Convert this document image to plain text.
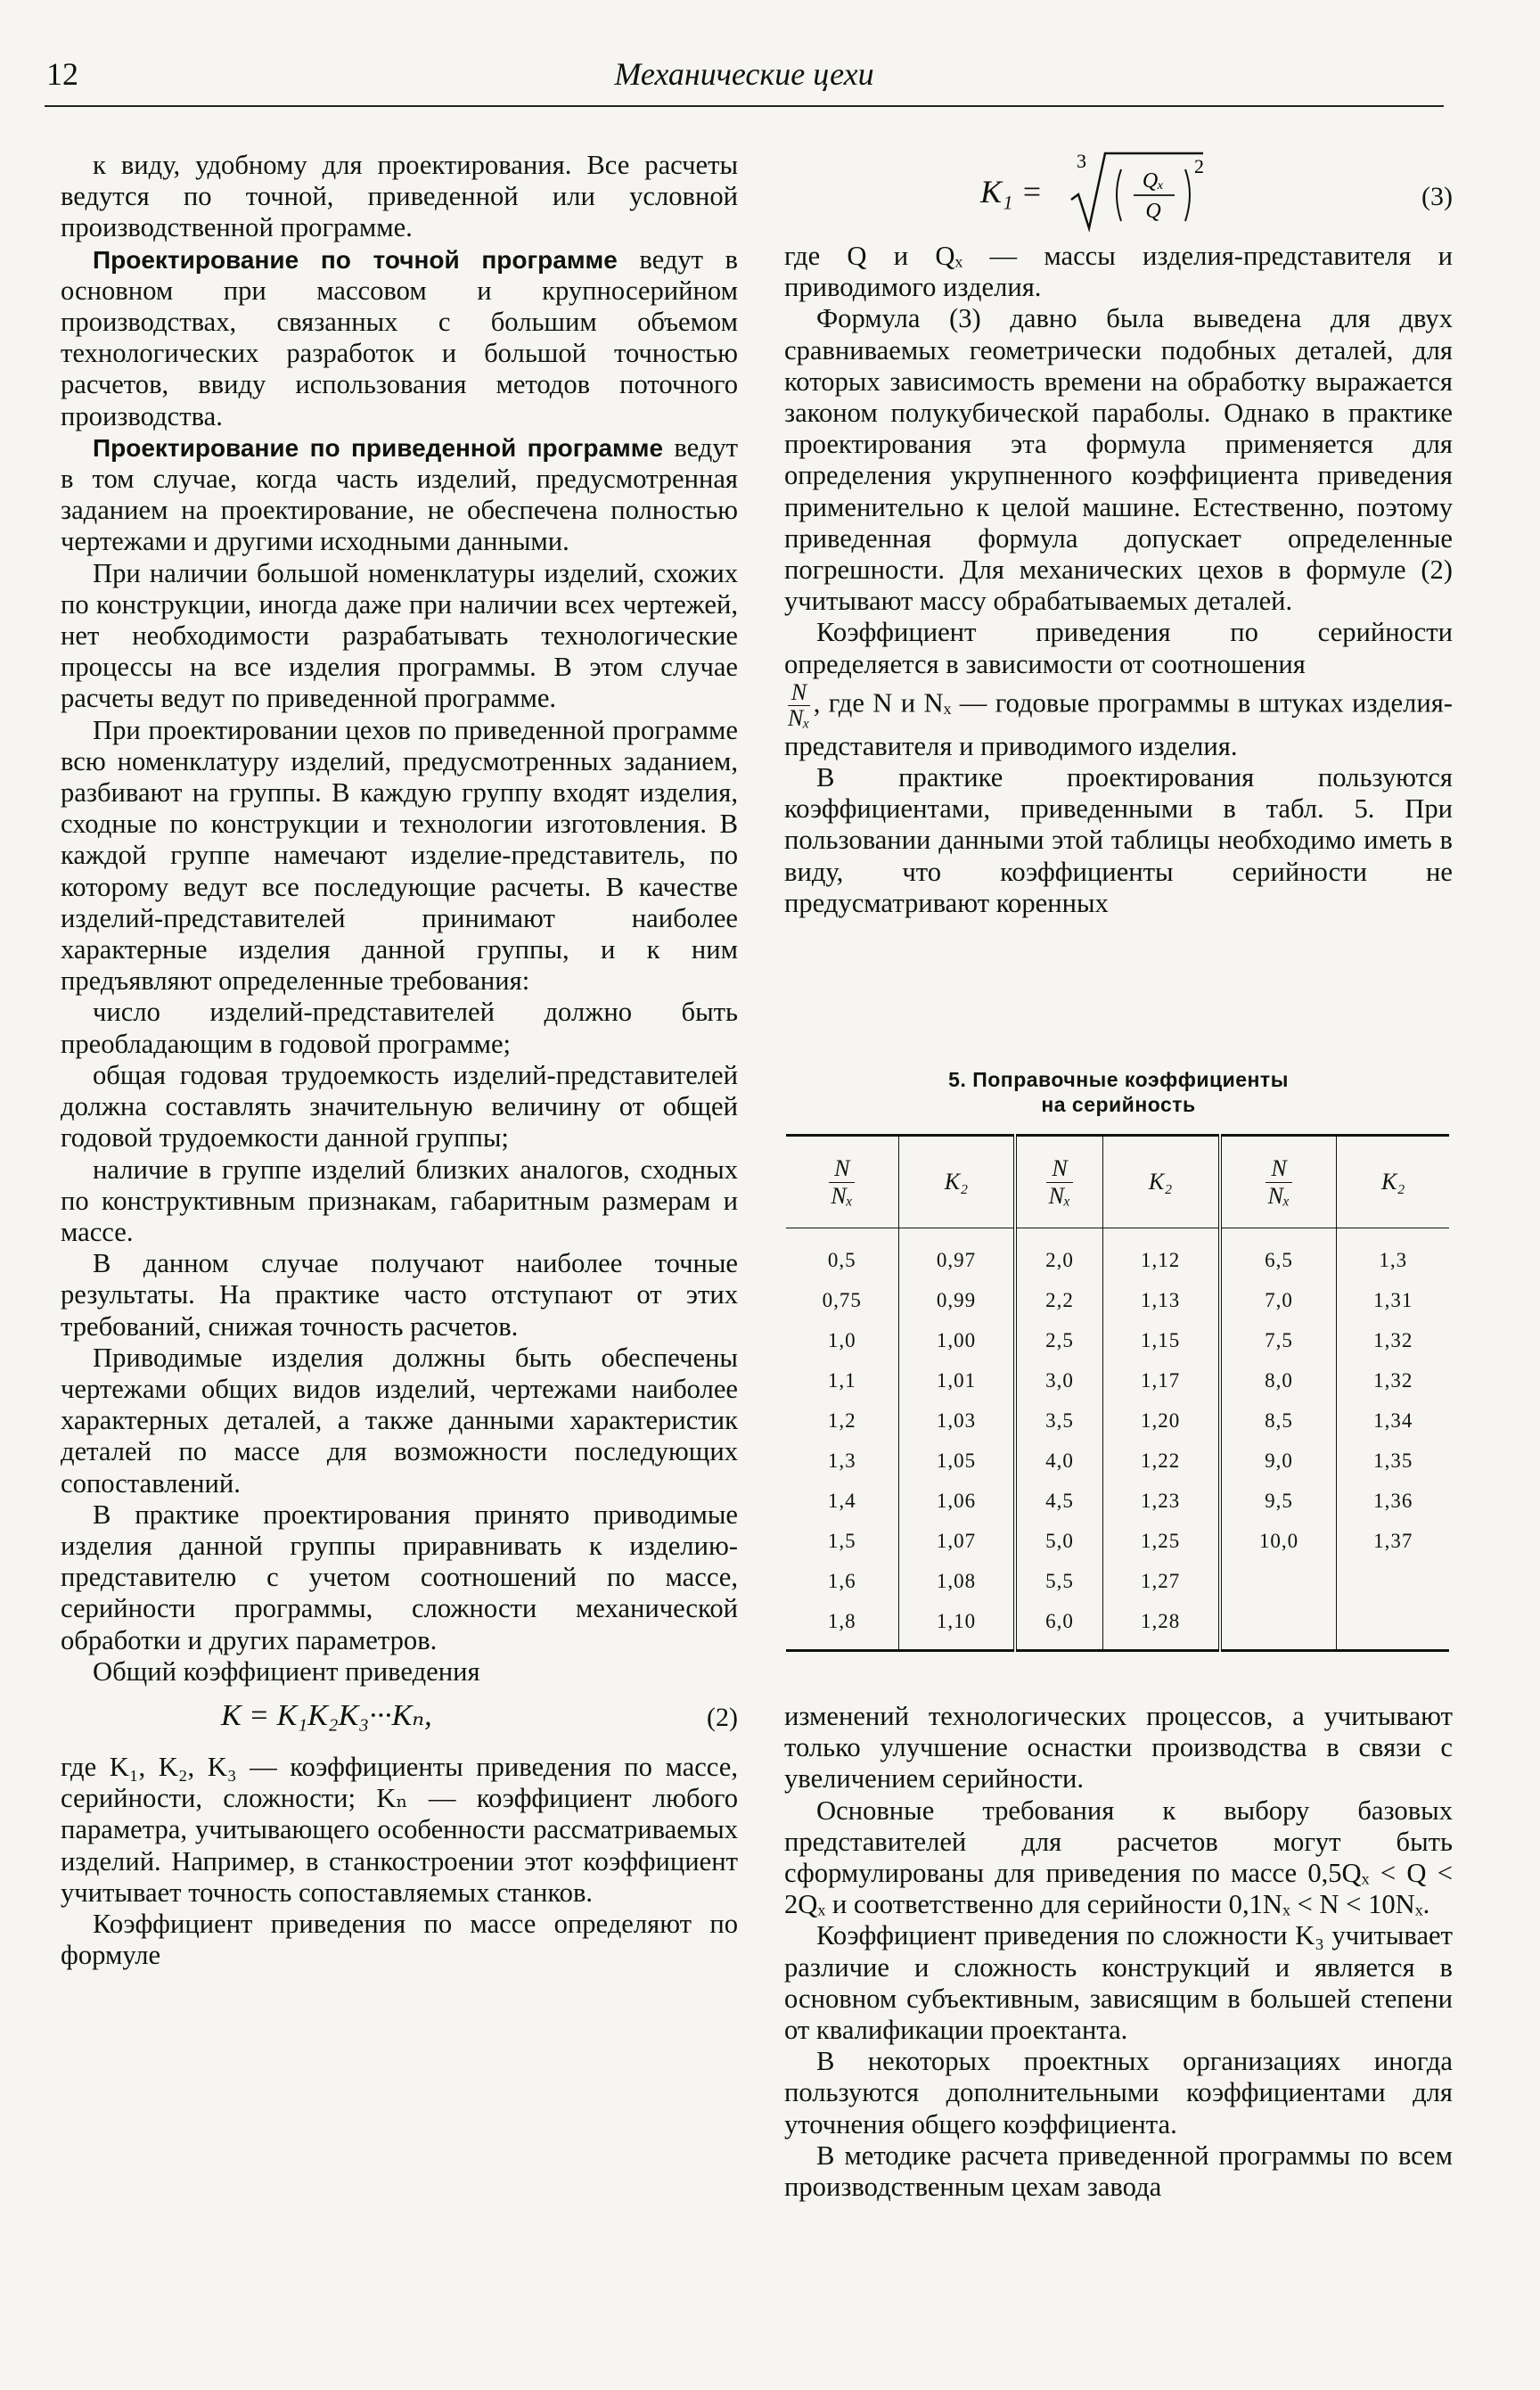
12	Механические цехи

к виду, удобному для проектирования. Все расчеты ведутся по точной, приведенной или условной производственной программе.

Проектирование по точной программе ведут в основном при массовом и крупносерийном производствах, связанных с большим объемом технологических разработок и большой точностью расчетов, ввиду использования методов поточного производства.

Проектирование по приведенной программе ведут в том случае, когда часть изделий, предусмотренная заданием на проектирование, не обеспечена полностью чертежами и другими исходными данными.

При наличии большой номенклатуры изделий, схожих по конструкции, иногда даже при наличии всех чертежей, нет необходимости разрабатывать технологические процессы на все изделия программы. В этом случае расчеты ведут по приведенной программе.

При проектировании цехов по приведенной программе всю номенклатуру изделий, предусмотренных заданием, разбивают на группы. В каждую группу входят изделия, сходные по конструкции и технологии изготовления. В каждой группе намечают изделие-представитель, по которому ведут все последующие расчеты. В качестве изделий-представителей принимают наиболее характерные изделия данной группы, и к ним предъявляют определенные требования:

число изделий-представителей должно быть преобладающим в годовой программе;

общая годовая трудоемкость изделий-представителей должна составлять значительную величину от общей годовой трудоемкости данной группы;

наличие в группе изделий близких аналогов, сходных по конструктивным признакам, габаритным размерам и массе.

В данном случае получают наиболее точные результаты. На практике часто отступают от этих требований, снижая точность расчетов.

Приводимые изделия должны быть обеспечены чертежами общих видов изделий, чертежами наиболее характерных деталей, а также данными характеристик деталей по массе для возможности последующих сопоставлений.

В практике проектирования принято приводимые изделия данной группы приравнивать к изделию-представителю с учетом соотношений по массе, серийности программы, сложности механической обработки и других параметров.

Общий коэффициент приведения

K = K₁K₂K₃···Kₙ,	(2)

где K₁, K₂, K₃ — коэффициенты приведения по массе, серийности, сложности; Kₙ — коэффициент любого параметра, учитывающего особенности рассматриваемых изделий. Например, в станкостроении этот коэффициент учитывает точность сопоставляемых станков.

Коэффициент приведения по массе определяют по формуле

K₁ =
3
Qₓ
Q
2
(3)

где Q и Qₓ — массы изделия-представителя и приводимого изделия.

Формула (3) давно была выведена для двух сравниваемых геометрически подобных деталей, для которых зависимость времени на обработку выражается законом полукубической параболы. Однако в практике проектирования эта формула применяется для определения укрупненного коэффициента приведения применительно к целой машине. Естественно, поэтому приведенная формула допускает определенные погрешности. Для механических цехов в формуле (2) учитывают массу обрабатываемых деталей.

Коэффициент приведения по серийности определяется в зависимости от соотношения

$\frac{N}{\text{Nₓ}}$ , где N и Nₓ — годовые программы в штуках изделия-представителя и приводимого изделия.

В практике проектирования пользуются коэффициентами, приведенными в табл. 5. При пользовании данными этой таблицы необходимо иметь в виду, что коэффициенты серийности не предусматривают коренных

5. Поправочные коэффициенты
на серийность
$\frac{N}{\text{Nₓ}}$	K₂	$\frac{N}{\text{Nₓ}}$	K₂	$\frac{N}{\text{Nₓ}}$	K₂
0,5	0,97	2,0	1,12	6,5	1,3
0,75	0,99	2,2	1,13	7,0	1,31
1,0	1,00	2,5	1,15	7,5	1,32
1,1	1,01	3,0	1,17	8,0	1,32
1,2	1,03	3,5	1,20	8,5	1,34
1,3	1,05	4,0	1,22	9,0	1,35
1,4	1,06	4,5	1,23	9,5	1,36
1,5	1,07	5,0	1,25	10,0	1,37
1,6	1,08	5,5	1,27		
1,8	1,10	6,0	1,28		

изменений технологических процессов, а учитывают только улучшение оснастки производства в связи с увеличением серийности.

Основные требования к выбору базовых представителей для расчетов могут быть сформулированы для приведения по массе 0,5Qₓ < Q < 2Qₓ и соответственно для серийности 0,1Nₓ < N < 10Nₓ.

Коэффициент приведения по сложности K₃ учитывает различие и сложность конструкций и является в основном субъективным, зависящим в большей степени от квалификации проектанта.

В некоторых проектных организациях иногда пользуются дополнительными коэффициентами для уточнения общего коэффициента.

В методике расчета приведенной программы по всем производственным цехам завода
